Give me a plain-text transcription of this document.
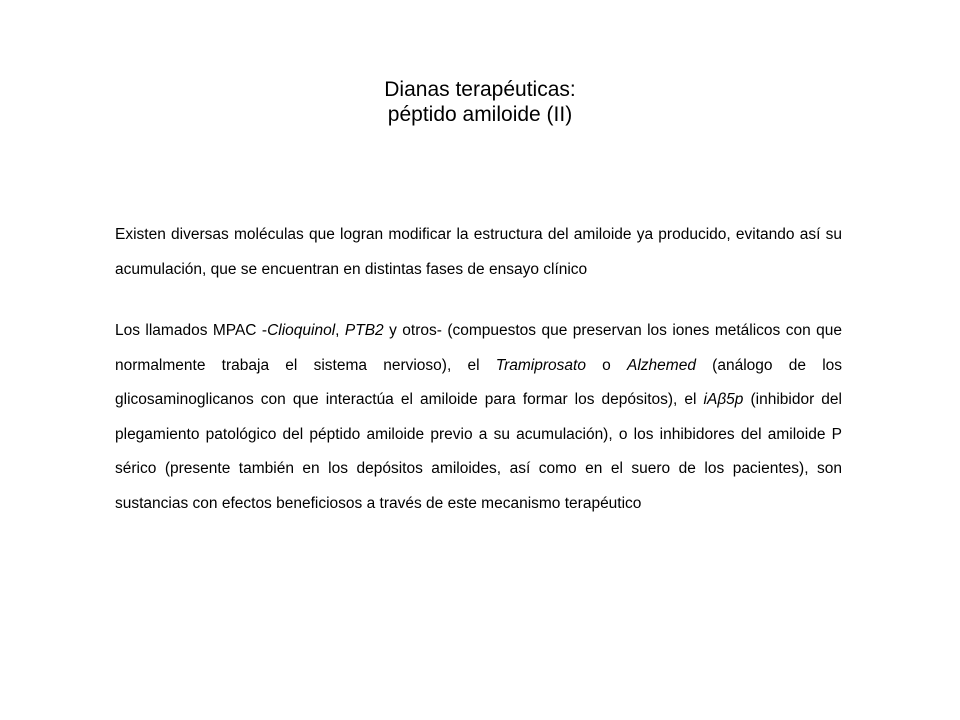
Dianas terapéuticas:
péptido amiloide (II)

Existen diversas moléculas que logran modificar la estructura del amiloide ya producido, evitando así su acumulación, que se encuentran en distintas fases de ensayo clínico

Los llamados MPAC -Clioquinol, PTB2 y otros- (compuestos que preservan los iones metálicos con que normalmente trabaja el sistema nervioso), el Tramiprosato o Alzhemed (análogo de los glicosaminoglicanos con que interactúa el amiloide para formar los depósitos), el iAβ5p (inhibidor del plegamiento patológico del péptido amiloide previo a su acumulación), o los inhibidores del amiloide P sérico (presente también en los depósitos amiloides, así como en el suero de los pacientes), son sustancias con efectos beneficiosos a través de este mecanismo terapéutico
